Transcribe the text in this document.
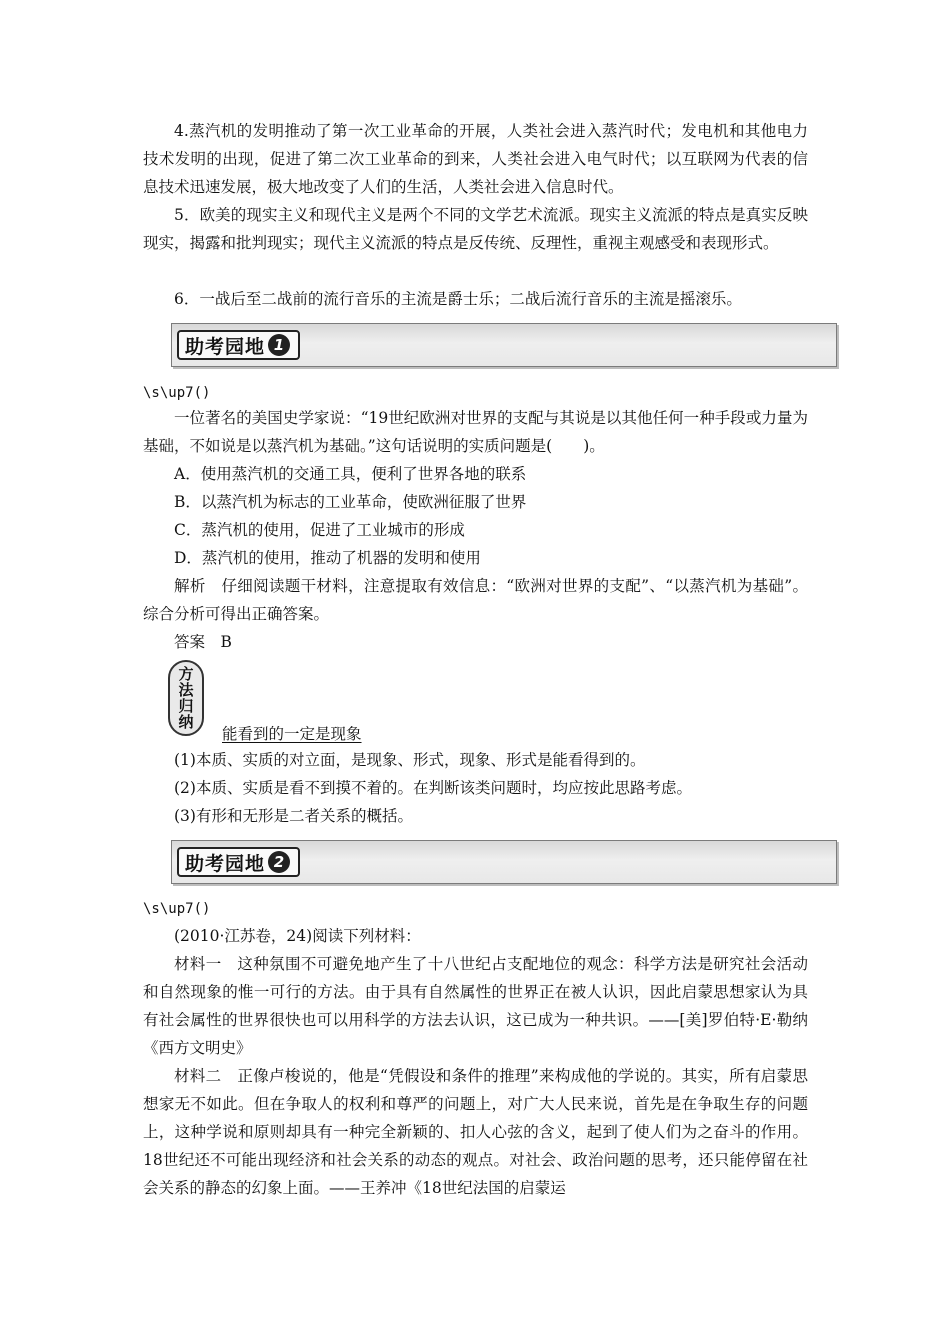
4.蒸汽机的发明推动了第一次工业革命的开展，人类社会进入蒸汽时代；发电机和其他电力技术发明的出现，促进了第二次工业革命的到来，人类社会进入电气时代；以互联网为代表的信息技术迅速发展，极大地改变了人们的生活，人类社会进入信息时代。

5．欧美的现实主义和现代主义是两个不同的文学艺术流派。现实主义流派的特点是真实反映现实，揭露和批判现实；现代主义流派的特点是反传统、反理性，重视主观感受和表现形式。

6．一战后至二战前的流行音乐的主流是爵士乐；二战后流行音乐的主流是摇滚乐。

助考园地 1
\s\up7()

一位著名的美国史学家说：“19世纪欧洲对世界的支配与其说是以其他任何一种手段或力量为基础，不如说是以蒸汽机为基础。”这句话说明的实质问题是(　　)。

A．使用蒸汽机的交通工具，便利了世界各地的联系

B．以蒸汽机为标志的工业革命，使欧洲征服了世界

C．蒸汽机的使用，促进了工业城市的形成

D．蒸汽机的使用，推动了机器的发明和使用

解析　仔细阅读题干材料，注意提取有效信息：“欧洲对世界的支配”、“以蒸汽机为基础”。综合分析可得出正确答案。

答案　B

方法归纳

能看到的一定是现象

(1)本质、实质的对立面，是现象、形式，现象、形式是能看得到的。

(2)本质、实质是看不到摸不着的。在判断该类问题时，均应按此思路考虑。

(3)有形和无形是二者关系的概括。

助考园地 2
\s\up7()

(2010·江苏卷，24)阅读下列材料：

材料一　这种氛围不可避免地产生了十八世纪占支配地位的观念：科学方法是研究社会活动和自然现象的惟一可行的方法。由于具有自然属性的世界正在被人认识，因此启蒙思想家认为具有社会属性的世界很快也可以用科学的方法去认识，这已成为一种共识。——[美]罗伯特·E·勒纳《西方文明史》

材料二　正像卢梭说的，他是“凭假设和条件的推理”来构成他的学说的。其实，所有启蒙思想家无不如此。但在争取人的权利和尊严的问题上，对广大人民来说，首先是在争取生存的问题上，这种学说和原则却具有一种完全新颖的、扣人心弦的含义，起到了使人们为之奋斗的作用。18世纪还不可能出现经济和社会关系的动态的观点。对社会、政治问题的思考，还只能停留在社会关系的静态的幻象上面。——王养冲《18世纪法国的启蒙运
